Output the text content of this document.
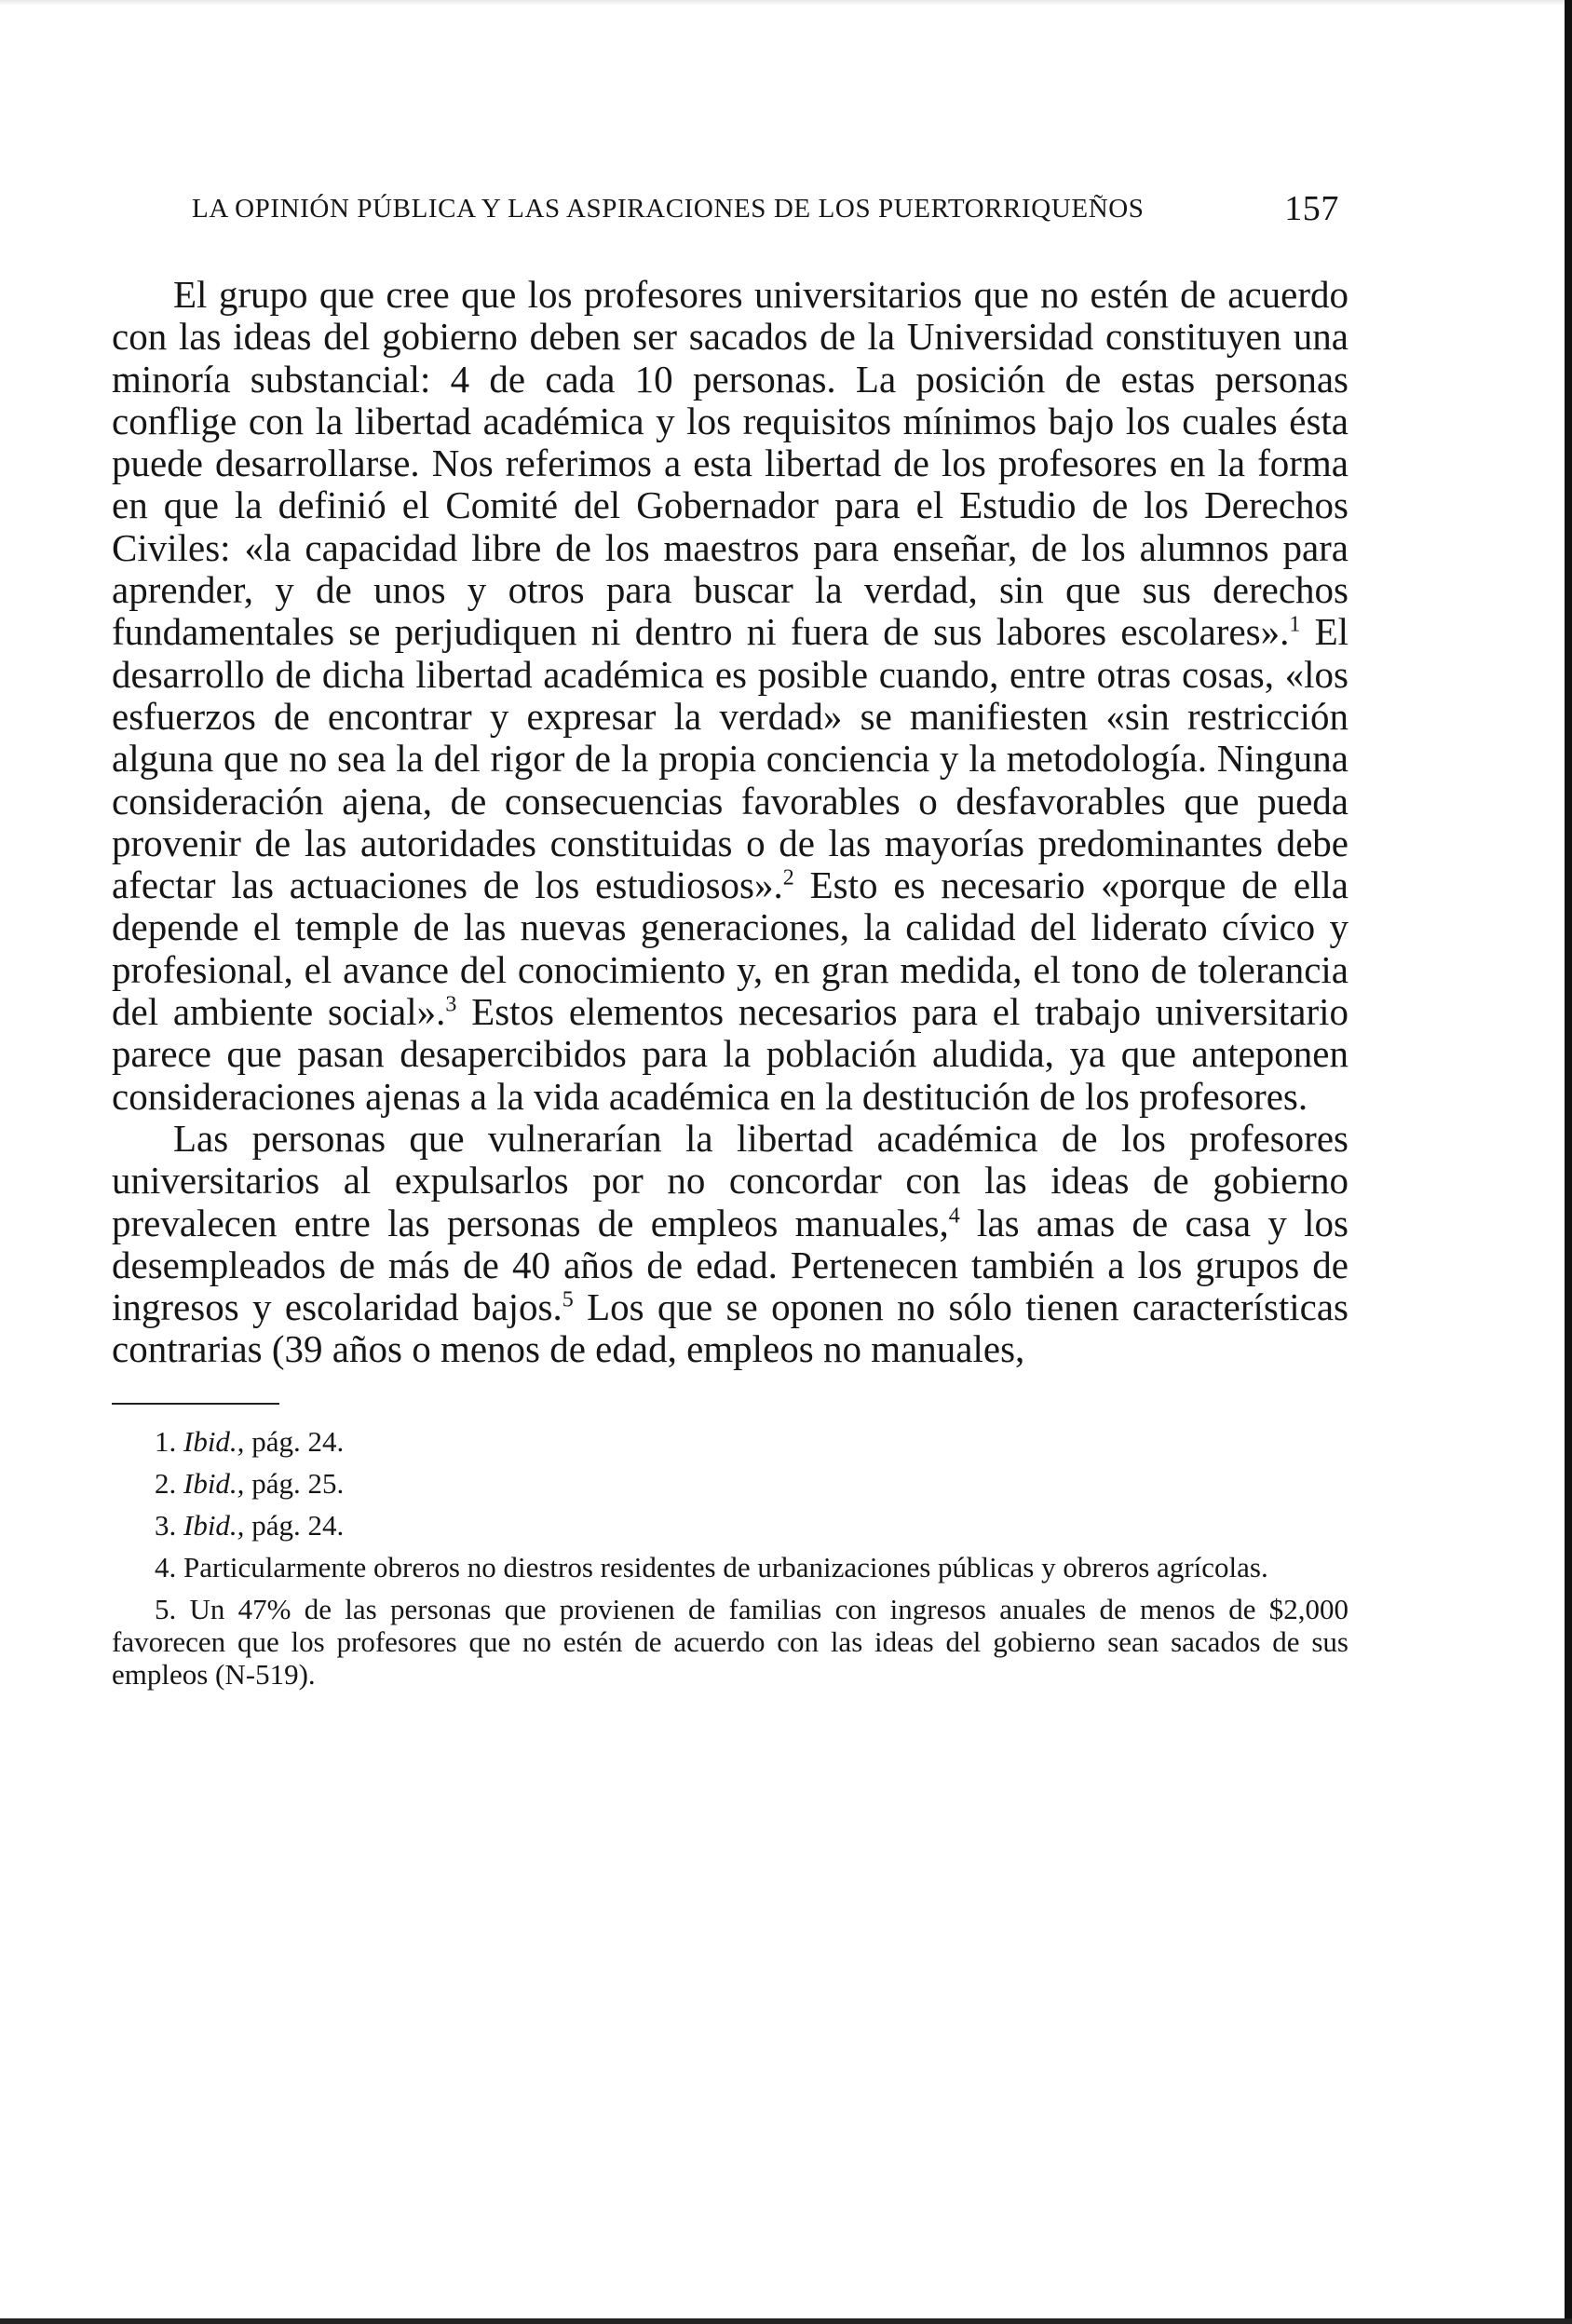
LA OPINIÓN PÚBLICA Y LAS ASPIRACIONES DE LOS PUERTORRIQUEÑOS	157

El grupo que cree que los profesores universitarios que no estén de acuerdo con las ideas del gobierno deben ser sacados de la Universidad constituyen una minoría substancial: 4 de cada 10 personas. La posición de estas personas conflige con la libertad académica y los requisitos mínimos bajo los cuales ésta puede desarrollarse. Nos referimos a esta libertad de los profesores en la forma en que la definió el Comité del Gobernador para el Estudio de los Derechos Civiles: «la capacidad libre de los maestros para enseñar, de los alumnos para aprender, y de unos y otros para buscar la verdad, sin que sus derechos fundamentales se perjudiquen ni dentro ni fuera de sus labores escolares».$^1$ El desarrollo de dicha libertad académica es posible cuando, entre otras cosas, «los esfuerzos de encontrar y expresar la verdad» se manifiesten «sin restricción alguna que no sea la del rigor de la propia conciencia y la metodología. Ninguna consideración ajena, de consecuencias favorables o desfavorables que pueda provenir de las autoridades constituidas o de las mayorías predominantes debe afectar las actuaciones de los estudiosos».$^2$ Esto es necesario «porque de ella depende el temple de las nuevas generaciones, la calidad del liderato cívico y profesional, el avance del conocimiento y, en gran medida, el tono de tolerancia del ambiente social».$^3$ Estos elementos necesarios para el trabajo universitario parece que pasan desapercibidos para la población aludida, ya que anteponen consideraciones ajenas a la vida académica en la destitución de los profesores.

Las personas que vulnerarían la libertad académica de los profesores universitarios al expulsarlos por no concordar con las ideas de gobierno prevalecen entre las personas de empleos manuales,$^4$ las amas de casa y los desempleados de más de 40 años de edad. Pertenecen también a los grupos de ingresos y escolaridad bajos.$^5$ Los que se oponen no sólo tienen características contrarias (39 años o menos de edad, empleos no manuales,

1. Ibid., pág. 24.

2. Ibid., pág. 25.

3. Ibid., pág. 24.

4. Particularmente obreros no diestros residentes de urbanizaciones públicas y obreros agrícolas.

5. Un 47% de las personas que provienen de familias con ingresos anuales de menos de $2,000 favorecen que los profesores que no estén de acuerdo con las ideas del gobierno sean sacados de sus empleos (N-519).
